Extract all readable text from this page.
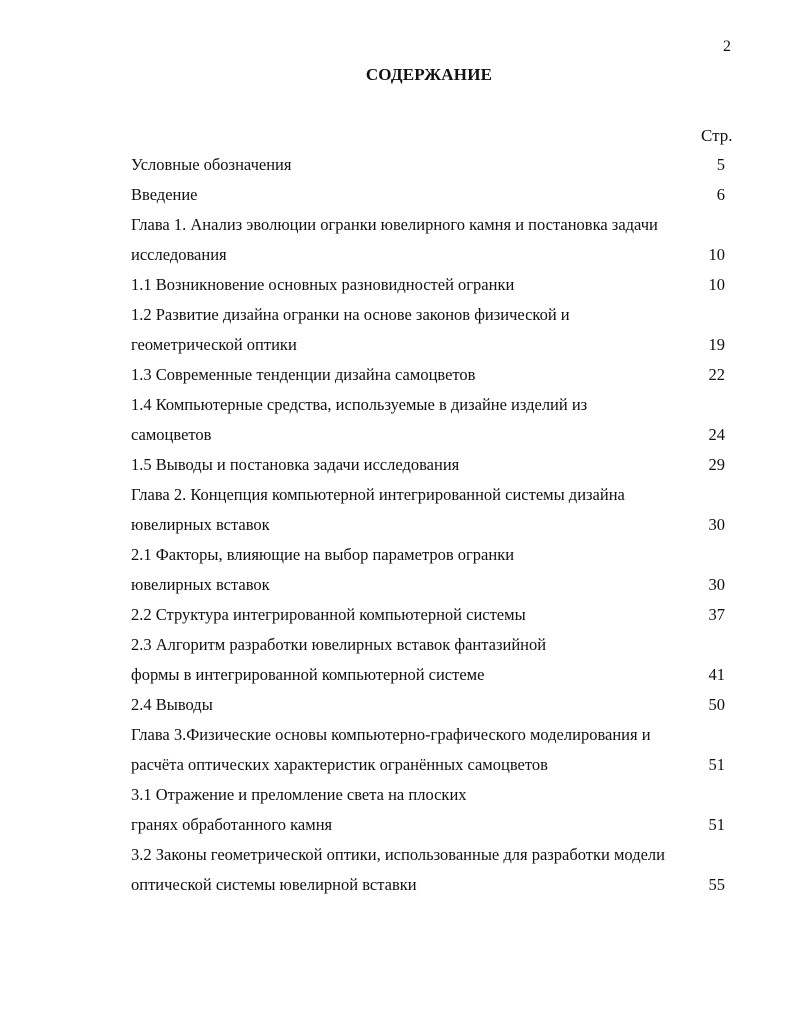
2
СОДЕРЖАНИЕ
Стр.
Условные обозначения	5
Введение	6
Глава 1. Анализ эволюции огранки ювелирного камня и постановка задачи
исследования	10
1.1 Возникновение основных разновидностей огранки	10
1.2 Развитие дизайна огранки на основе законов физической и
геометрической оптики	19
1.3 Современные тенденции дизайна самоцветов	22
1.4 Компьютерные средства, используемые в дизайне изделий из
самоцветов	24
1.5 Выводы и постановка задачи исследования	29
Глава 2. Концепция компьютерной интегрированной системы дизайна
ювелирных вставок	30
2.1 Факторы, влияющие на выбор параметров огранки
ювелирных вставок	30
2.2 Структура интегрированной компьютерной системы	37
2.3 Алгоритм разработки ювелирных вставок фантазийной
формы в интегрированной компьютерной системе	41
2.4 Выводы	50
Глава 3.Физические основы компьютерно-графического моделирования и
расчёта оптических характеристик огранённых самоцветов	51
3.1 Отражение и преломление света на плоских
гранях обработанного камня	51
3.2 Законы геометрической оптики, использованные для разработки модели
оптической системы ювелирной вставки	55
